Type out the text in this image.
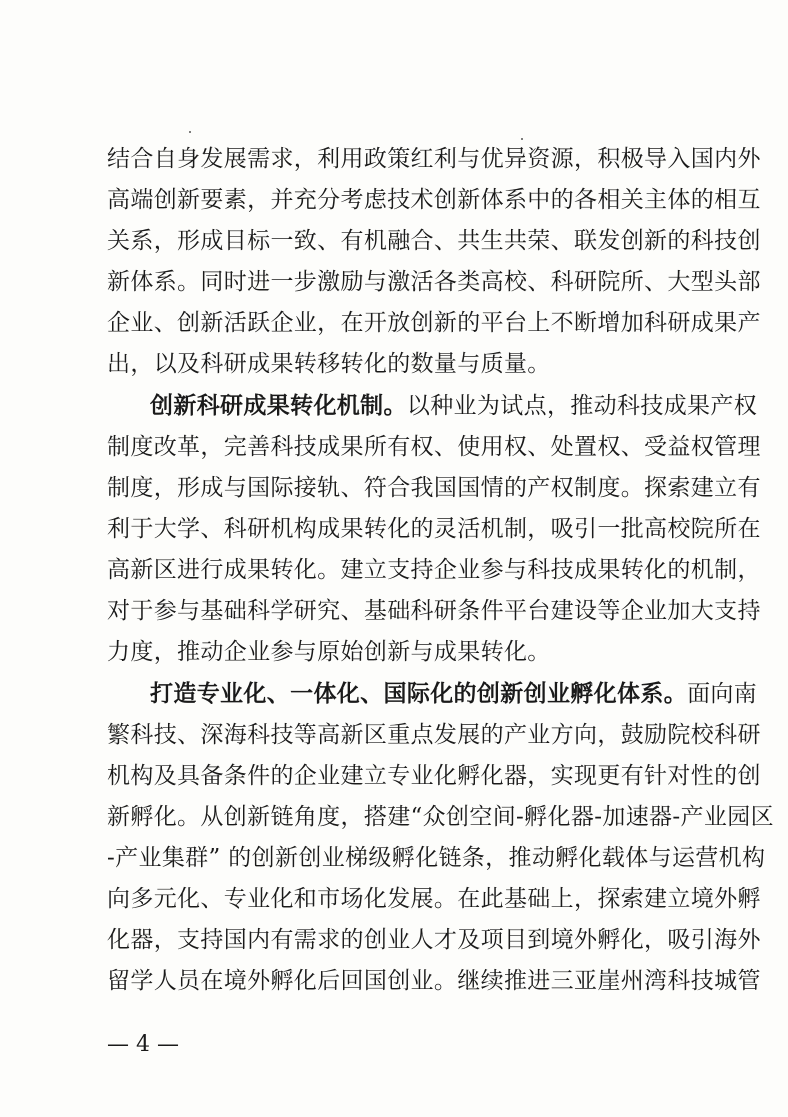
结合自身发展需求，利用政策红利与优异资源，积极导入国内外
高端创新要素，并充分考虑技术创新体系中的各相关主体的相互
关系，形成目标一致、有机融合、共生共荣、联发创新的科技创
新体系。同时进一步激励与激活各类高校、科研院所、大型头部
企业、创新活跃企业，在开放创新的平台上不断增加科研成果产
出，以及科研成果转移转化的数量与质量。
创新科研成果转化机制。以种业为试点，推动科技成果产权
制度改革，完善科技成果所有权、使用权、处置权、受益权管理
制度，形成与国际接轨、符合我国国情的产权制度。探索建立有
利于大学、科研机构成果转化的灵活机制，吸引一批高校院所在
高新区进行成果转化。建立支持企业参与科技成果转化的机制，
对于参与基础科学研究、基础科研条件平台建设等企业加大支持
力度，推动企业参与原始创新与成果转化。
打造专业化、一体化、国际化的创新创业孵化体系。面向南
繁科技、深海科技等高新区重点发展的产业方向，鼓励院校科研
机构及具备条件的企业建立专业化孵化器，实现更有针对性的创
新孵化。从创新链角度，搭建“众创空间-孵化器-加速器-产业园区
-产业集群” 的创新创业梯级孵化链条，推动孵化载体与运营机构
向多元化、专业化和市场化发展。在此基础上，探索建立境外孵
化器，支持国内有需求的创业人才及项目到境外孵化，吸引海外
留学人员在境外孵化后回国创业。继续推进三亚崖州湾科技城管
— 4 —
